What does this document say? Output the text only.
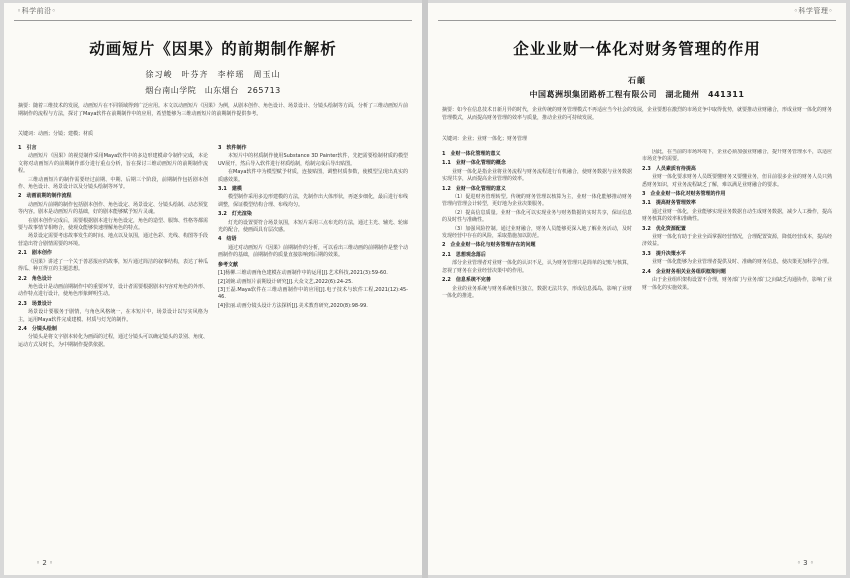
◦科学前沿◦
动画短片《因果》的前期制作解析
徐习峻　叶芬齐　李梓瑶　周玉山
烟台南山学院　山东烟台　265713
摘要：随着三维技术的发展，动画短片在不同领域得到广泛应用。本文以动画短片《因果》为例，从剧本创作、角色设计、场景设计、分镜头绘制等方面，分析了三维动画短片前期制作的流程与方法，探讨了Maya软件在前期制作中的应用，希望能够为三维动画短片的前期制作提供参考。
关键词：动画；分镜；建模；材质

1　引言

动画短片《因果》的视觉制作采用Maya软件中的多边形建模命令制作完成，本论文将对动画短片的前期制作部分进行重点分析，旨在探讨三维动画短片的前期制作流程。

三维动画短片的制作需要经过前期、中期、后期三个阶段，前期制作包括剧本创作、角色设计、场景设计以及分镜头绘制等环节。

2　动画前期的制作流程

动画短片前期的制作包括剧本创作、角色设定、场景设定、分镜头绘制、动态预览等内容。剧本是动画短片的基础，好的剧本能够赋予短片灵魂。

在剧本创作完成后，需要根据剧本进行角色设定，角色的造型、服饰、性格等都需要与故事情节相吻合，使观众能够快速理解角色的特点。

场景设定需要考虑故事发生的时间、地点以及氛围，通过色彩、光线、构图等手段营造出符合剧情需要的环境。

2.1　剧本创作

《因果》讲述了一个关于善恶报应的故事，短片通过简洁的叙事结构，表达了种瓜得瓜、种豆得豆的主题思想。

2.2　角色设计

角色设计是动画前期制作中的重要环节，设计者需要根据剧本内容对角色的外形、动作特点进行设计，使角色形象鲜明生动。

2.3　场景设计

场景设计要服务于剧情，与角色风格统一，在本短片中，场景设计以写实风格为主，运用Maya软件完成建模、材质与灯光的制作。

2.4　分镜头绘制

分镜头是将文字剧本转化为画面的过程，通过分镜头可以确定镜头的景别、角度、运动方式及时长，为中期制作提供依据。

3　软件制作

本短片中的材质制作使用Substance 3D Painter软件，先把需要绘制材质的模型UV展开，然后导入软件进行材质绘制，绘制完成后导出贴图。

在Maya软件中为模型赋予材质，连接贴图，调整材质参数，使模型呈现出真实的质感效果。

3.1　建模

模型制作采用多边形建模的方法，先制作出大体形状，再逐步细化，最后进行布线调整，保证模型结构合理、布线均匀。

3.2　灯光渲染

灯光的设置要符合场景氛围，本短片采用三点布光的方法，通过主光、辅光、轮廓光的配合，使画面具有层次感。

4　结语

通过对动画短片《因果》前期制作的分析，可以看出三维动画的前期制作是整个动画制作的基础，前期制作的质量直接影响到后期的效果。

参考文献

[1]杨柳.三维动画角色建模在动画制作中的运用[J].艺术科技,2021(3):59-60.

[2]刘婉.动画短片前期设计研究[J].大众文艺,2022(6):24-25.

[3]王磊.Maya软件在三维动画制作中的应用[J].电子技术与软件工程,2021(12):45-46.

[4]张丽.动画分镜头设计方法探析[J].美术教育研究,2020(8):98-99.

◦ 2 ◦
◦科学管理◦
企业业财一体化对财务管理的作用
石頔
中国葛洲坝集团路桥工程有限公司　湖北随州　441311
摘要：如今在信息技术日新月异的时代，企业传统的财务管理模式不再适应当今社会的发展，企业要想在激烈的市场竞争中取得优势，就要推动业财融合，形成业财一体化的财务管理模式，从而提高财务管理的效率与质量，推动企业的可持续发展。
关键词：企业；业财一体化；财务管理

1　业财一体化管理的意义

1.1　业财一体化管理的概念

业财一体化是指企业将业务流程与财务流程进行有机融合，使财务数据与业务数据实现共享，从而提高企业管理的效率。

1.2　业财一体化管理的意义

（1）促进财务管理转型。传统的财务管理以核算为主，业财一体化能够推动财务管理向管理会计转型，更好地为企业决策服务。

（2）提高信息质量。业财一体化可以实现业务与财务数据的实时共享，保证信息的及时性与准确性。

（3）加强风险控制。通过业财融合，财务人员能够更深入地了解业务活动，及时发现经营中存在的风险，采取措施加以防范。

2　企业业财一体化与财务管理存在的问题

2.1　思想观念落后

部分企业管理者对业财一体化的认识不足，认为财务管理只是简单的记账与核算，忽视了财务在企业经营决策中的作用。

2.2　信息系统不完善

企业的业务系统与财务系统相互独立，数据无法共享，形成信息孤岛，影响了业财一体化的推进。

因此，在当前的市场环境下，企业必须加强业财融合，提升财务管理水平，以适应市场竞争的需要。

2.3　人员素质有待提高

业财一体化要求财务人员既要懂财务又要懂业务，但目前很多企业的财务人员只熟悉财务知识，对业务流程缺乏了解，难以满足业财融合的要求。

3　企业业财一体化对财务管理的作用

3.1　提高财务管理效率

通过业财一体化，企业能够实现业务数据自动生成财务数据，减少人工操作，提高财务核算的效率和准确性。

3.2　优化资源配置

业财一体化有助于企业全面掌握经营情况，合理配置资源，降低经营成本，提高经济效益。

3.3　提升决策水平

业财一体化能够为企业管理者提供及时、准确的财务信息，使决策更加科学合理。

2.4　企业财务相关业务组织框架问题

由于企业组织架构设置不合理，财务部门与业务部门之间缺乏沟通协作，影响了业财一体化的实施效果。

◦ 3 ◦
